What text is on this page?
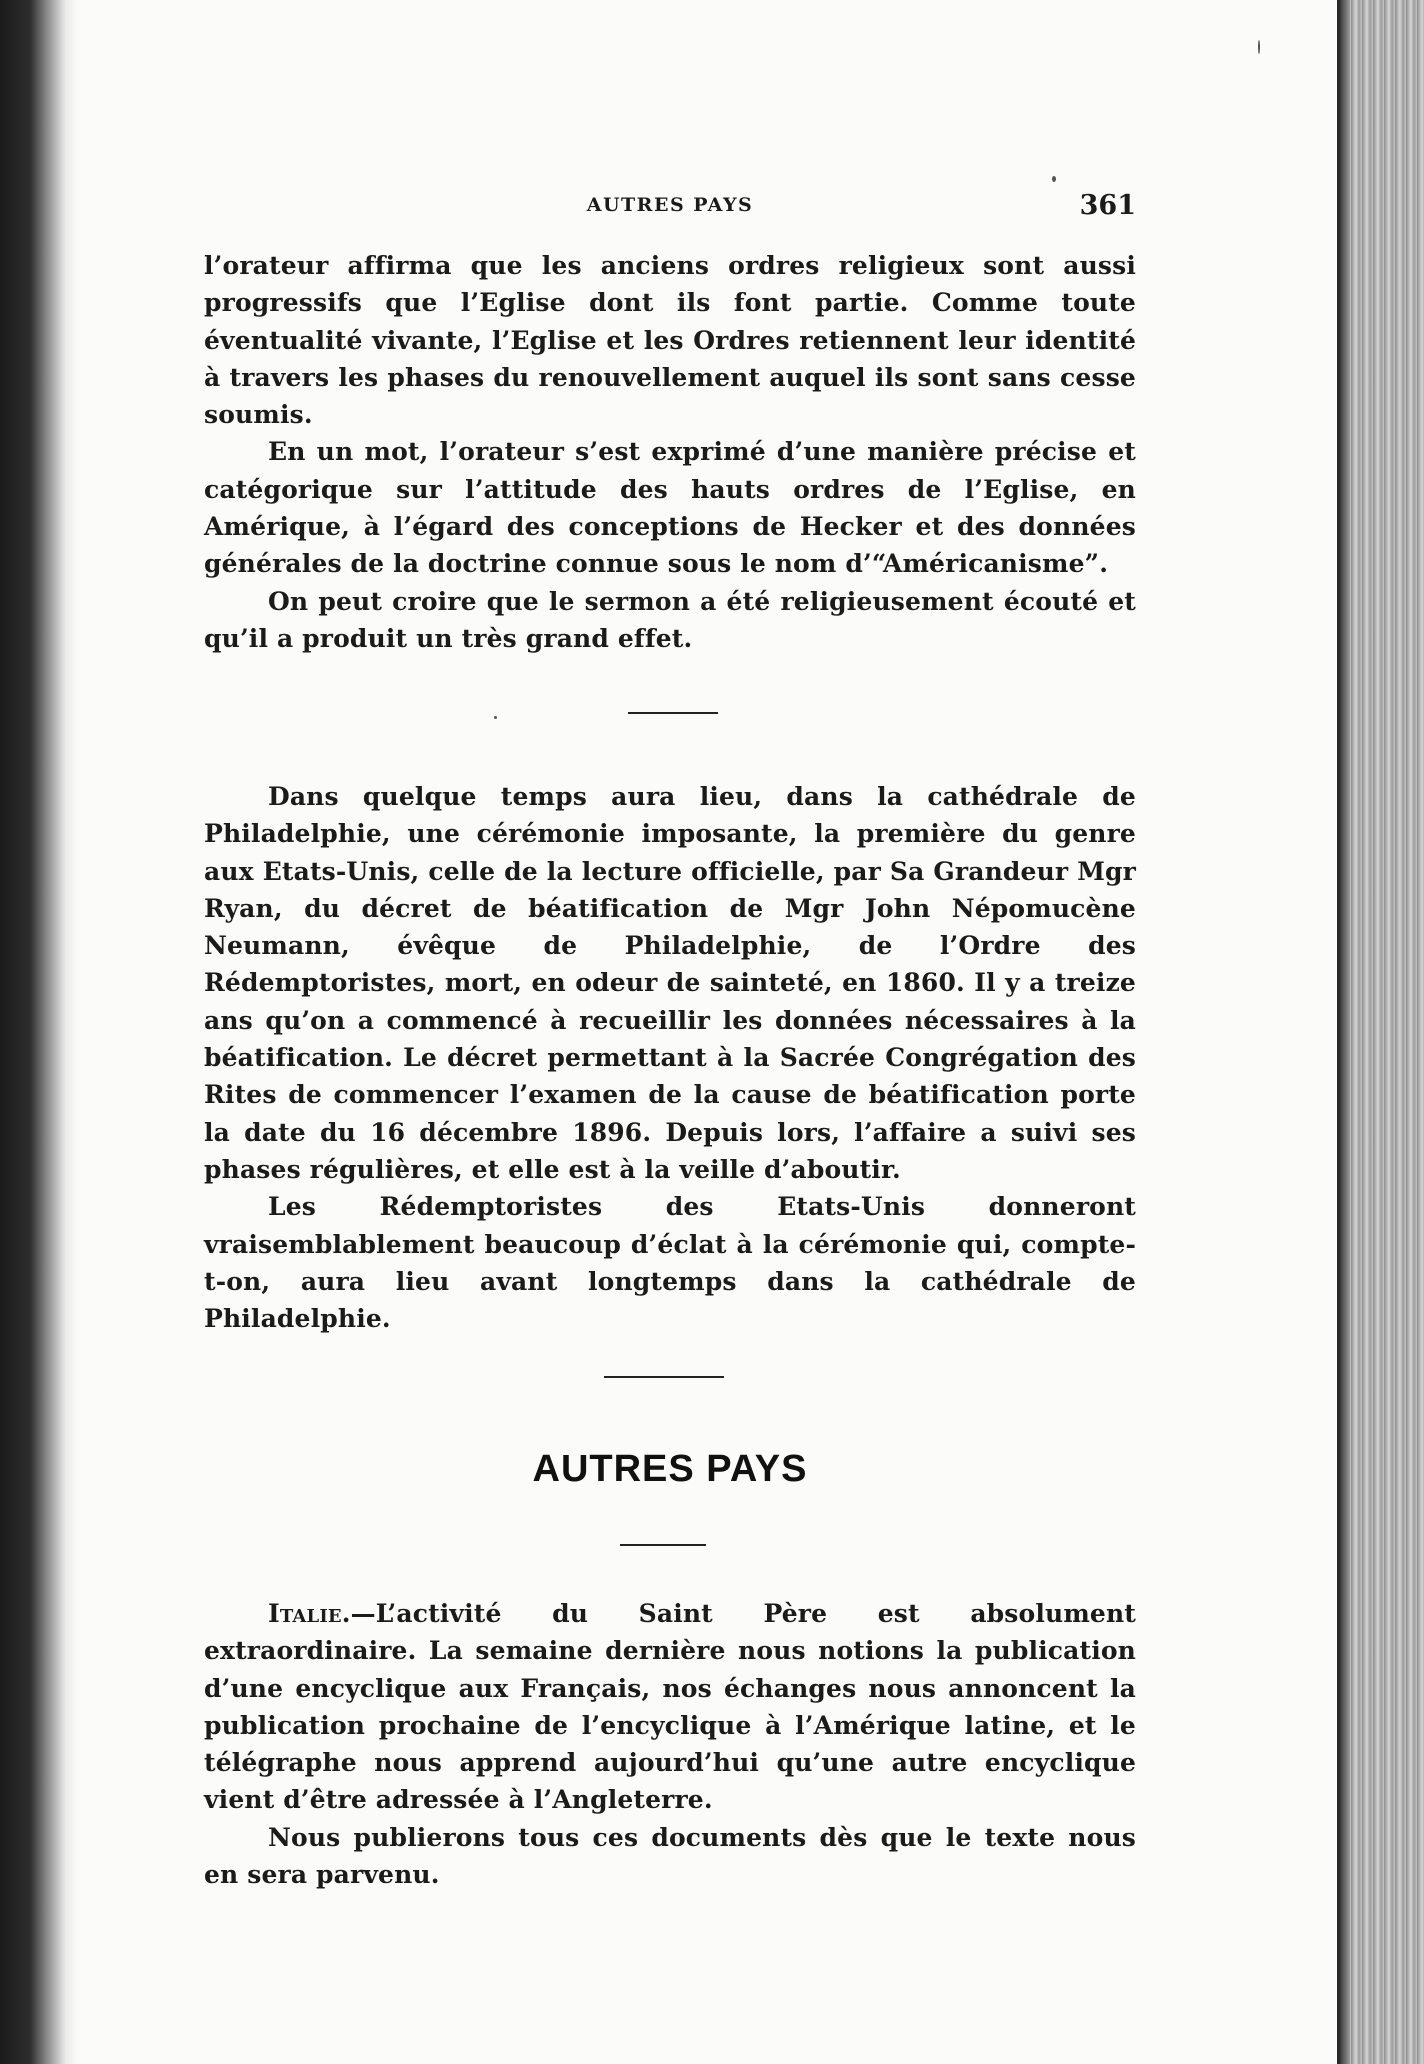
AUTRES PAYS	361

l’orateur affirma que les anciens ordres religieux sont aussi progressifs que l’Eglise dont ils font partie. Comme toute éventualité vivante, l’Eglise et les Ordres retiennent leur identité à travers les phases du renouvellement auquel ils sont sans cesse soumis.

En un mot, l’orateur s’est exprimé d’une manière précise et catégorique sur l’attitude des hauts ordres de l’Eglise, en Amérique, à l’égard des conceptions de Hecker et des données générales de la doctrine connue sous le nom d’“Américanisme”.

On peut croire que le sermon a été religieusement écouté et qu’il a produit un très grand effet.

Dans quelque temps aura lieu, dans la cathédrale de Philadelphie, une cérémonie imposante, la première du genre aux Etats-Unis, celle de la lecture officielle, par Sa Grandeur Mgr Ryan, du décret de béatification de Mgr John Népomucène Neumann, évêque de Philadelphie, de l’Ordre des Rédemptoristes, mort, en odeur de sainteté, en 1860. Il y a treize ans qu’on a commencé à recueillir les données nécessaires à la béatification. Le décret permettant à la Sacrée Congrégation des Rites de commencer l’examen de la cause de béatification porte la date du 16 décembre 1896. Depuis lors, l’affaire a suivi ses phases régulières, et elle est à la veille d’aboutir.

Les Rédemptoristes des Etats-Unis donneront vraisemblablement beaucoup d’éclat à la cérémonie qui, compte-t-on, aura lieu avant longtemps dans la cathédrale de Philadelphie.

AUTRES PAYS

Italie.—L’activité du Saint Père est absolument extraordinaire. La semaine dernière nous notions la publication d’une encyclique aux Français, nos échanges nous annoncent la publication prochaine de l’encyclique à l’Amérique latine, et le télégraphe nous apprend aujourd’hui qu’une autre encyclique vient d’être adressée à l’Angleterre.

Nous publierons tous ces documents dès que le texte nous en sera parvenu.
